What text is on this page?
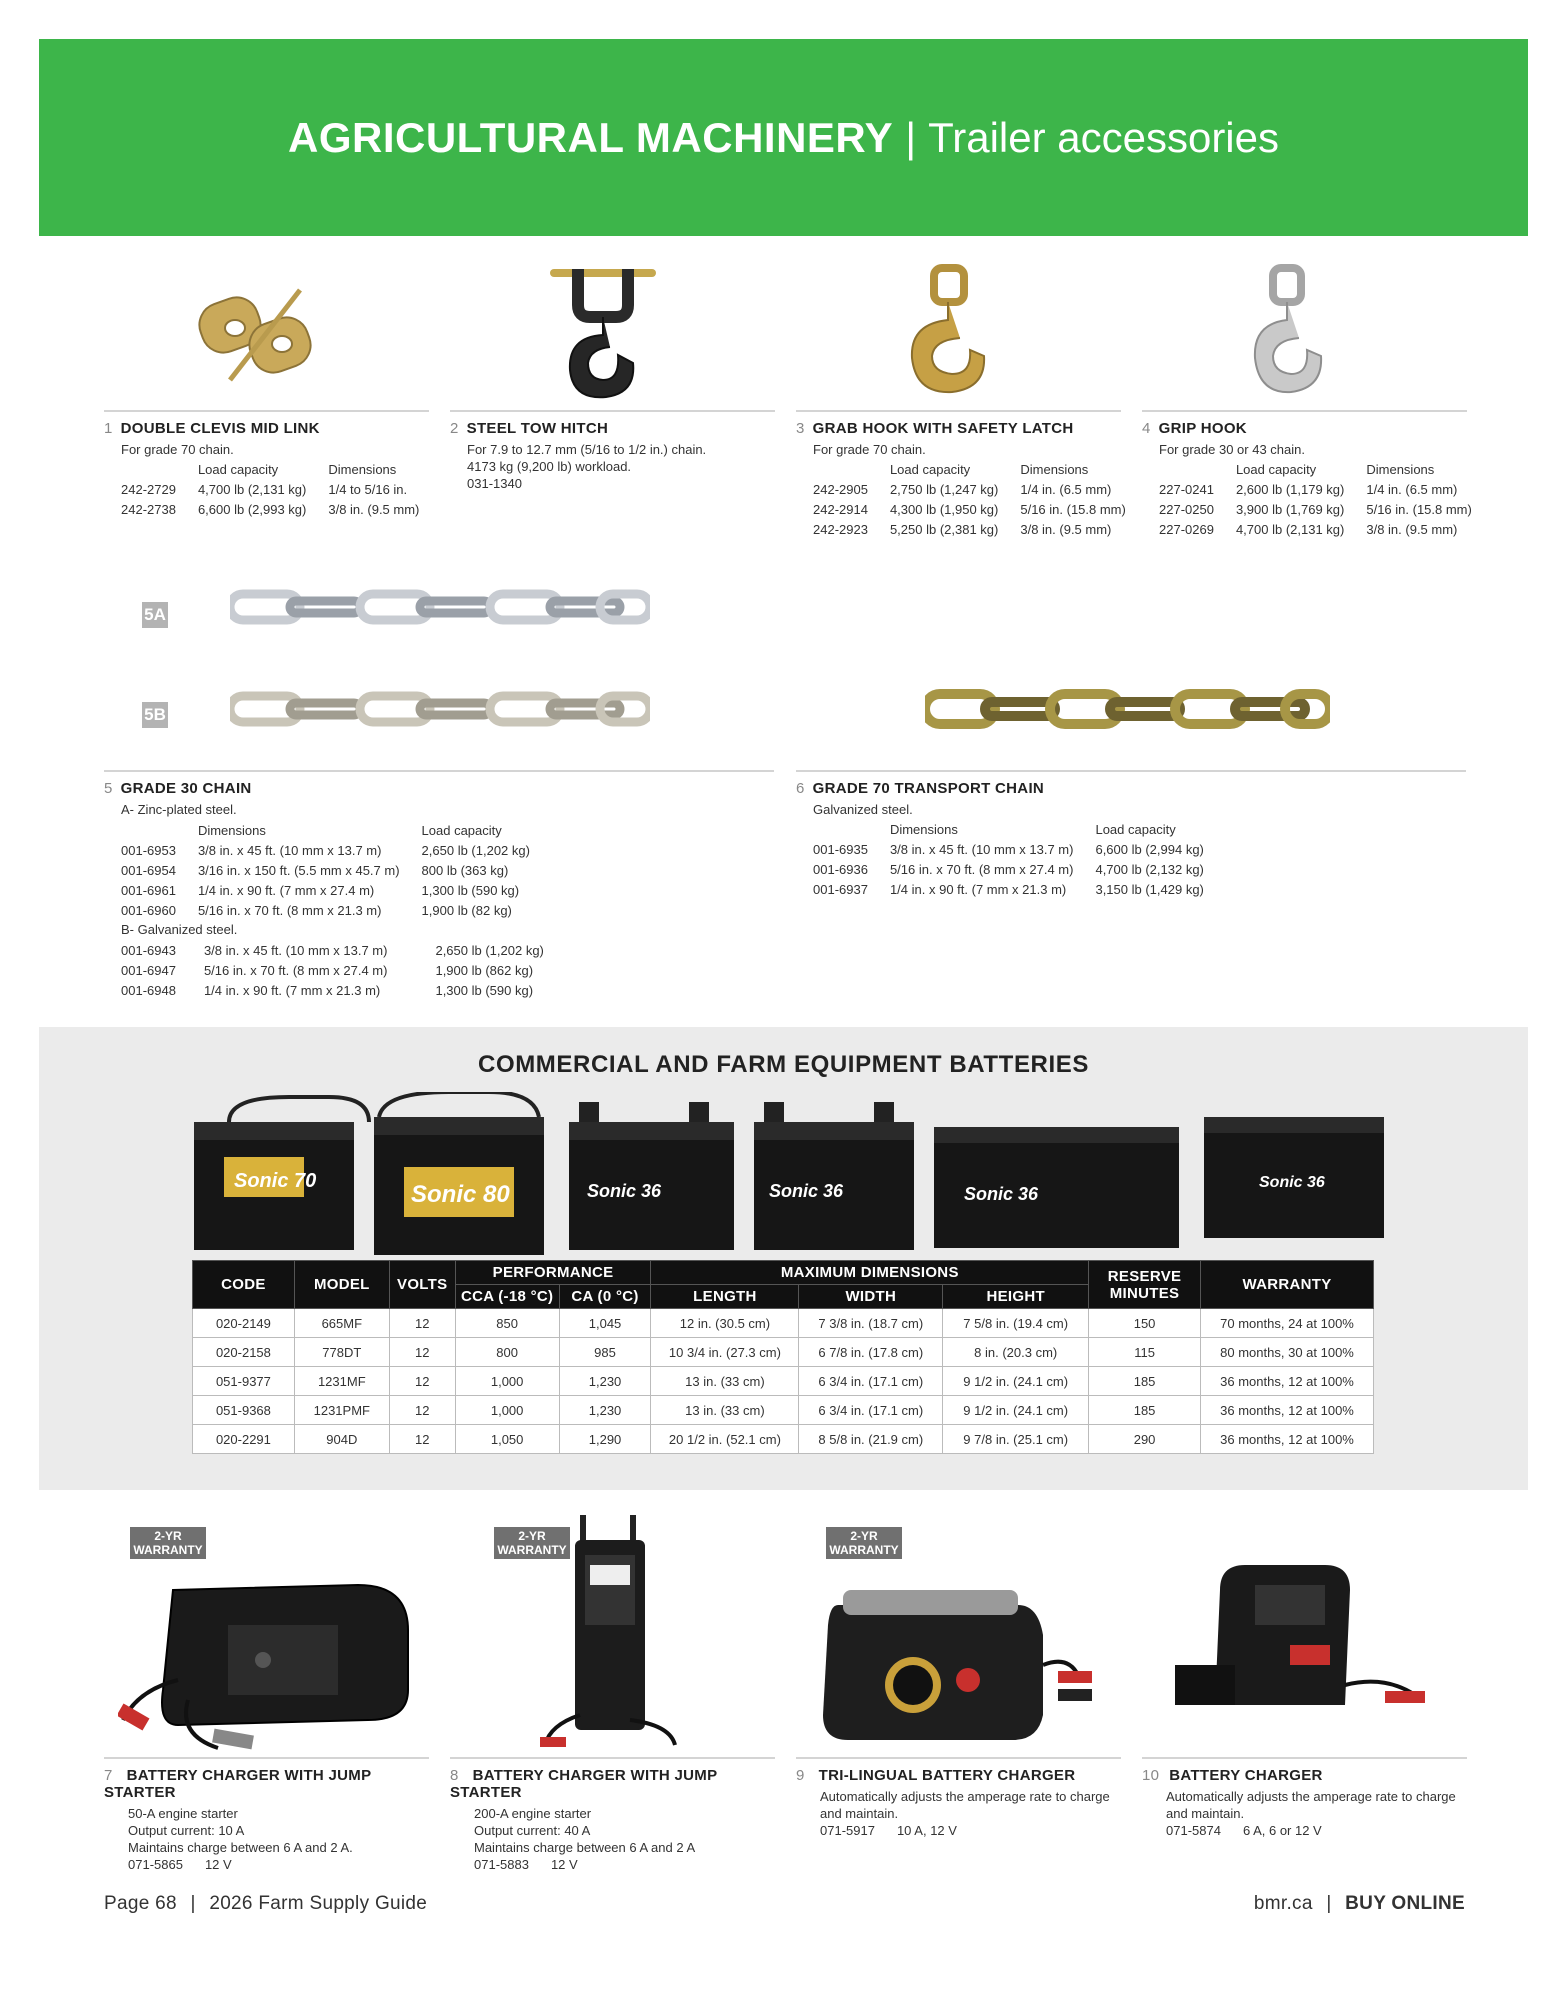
AGRICULTURAL MACHINERY | Trailer accessories
1 DOUBLE CLEVIS MID LINK
For grade 70 chain.
	Load capacity	Dimensions
242-2729	4,700 lb (2,131 kg)	1/4 to 5/16 in.
242-2738	6,600 lb (2,993 kg)	3/8 in. (9.5 mm)
2 STEEL TOW HITCH
For 7.9 to 12.7 mm (5/16 to 1/2 in.) chain.
4173 kg (9,200 lb) workload.
031-1340
3 GRAB HOOK WITH SAFETY LATCH
For grade 70 chain.
	Load capacity	Dimensions
242-2905	2,750 lb (1,247 kg)	1/4 in. (6.5 mm)
242-2914	4,300 lb (1,950 kg)	5/16 in. (15.8 mm)
242-2923	5,250 lb (2,381 kg)	3/8 in. (9.5 mm)
4 GRIP HOOK
For grade 30 or 43 chain.
	Load capacity	Dimensions
227-0241	2,600 lb (1,179 kg)	1/4 in. (6.5 mm)
227-0250	3,900 lb (1,769 kg)	5/16 in. (15.8 mm)
227-0269	4,700 lb (2,131 kg)	3/8 in. (9.5 mm)
5A
5B
5 GRADE 30 CHAIN
A- Zinc-plated steel.
	Dimensions	Load capacity
001-6953	3/8 in. x 45 ft. (10 mm x 13.7 m)	2,650 lb (1,202 kg)
001-6954	3/16 in. x 150 ft. (5.5 mm x 45.7 m)	800 lb (363 kg)
001-6961	1/4 in. x 90 ft. (7 mm x 27.4 m)	1,300 lb (590 kg)
001-6960	5/16 in. x 70 ft. (8 mm x 21.3 m)	1,900 lb (82 kg)
B- Galvanized steel.
001-6943	3/8 in. x 45 ft. (10 mm x 13.7 m)	2,650 lb (1,202 kg)
001-6947	5/16 in. x 70 ft. (8 mm x 27.4 m)	1,900 lb (862 kg)
001-6948	1/4 in. x 90 ft. (7 mm x 21.3 m)	1,300 lb (590 kg)
6 GRADE 70 TRANSPORT CHAIN
Galvanized steel.
	Dimensions	Load capacity
001-6935	3/8 in. x 45 ft. (10 mm x 13.7 m)	6,600 lb (2,994 kg)
001-6936	5/16 in. x 70 ft. (8 mm x 27.4 m)	4,700 lb (2,132 kg)
001-6937	1/4 in. x 90 ft. (7 mm x 21.3 m)	3,150 lb (1,429 kg)
COMMERCIAL AND FARM EQUIPMENT BATTERIES
Sonic 70	Sonic 80	Sonic 36	Sonic 36	Sonic 36
Sonic 36
CODE	MODEL	VOLTS	PERFORMANCE		MAXIMUM DIMENSIONS			RESERVE MINUTES	WARRANTY
			CCA (-18 °C)	CA (0 °C)	LENGTH	WIDTH	HEIGHT		
020-2149	665MF	12	850	1,045	12 in. (30.5 cm)	7 3/8 in. (18.7 cm)	7 5/8 in. (19.4 cm)	150	70 months, 24 at 100%
020-2158	778DT	12	800	985	10 3/4 in. (27.3 cm)	6 7/8 in. (17.8 cm)	8 in. (20.3 cm)	115	80 months, 30 at 100%
051-9377	1231MF	12	1,000	1,230	13 in. (33 cm)	6 3/4 in. (17.1 cm)	9 1/2 in. (24.1 cm)	185	36 months, 12 at 100%
051-9368	1231PMF	12	1,000	1,230	13 in. (33 cm)	6 3/4 in. (17.1 cm)	9 1/2 in. (24.1 cm)	185	36 months, 12 at 100%
020-2291	904D	12	1,050	1,290	20 1/2 in. (52.1 cm)	8 5/8 in. (21.9 cm)	9 7/8 in. (25.1 cm)	290	36 months, 12 at 100%
2-YR
WARRANTY
2-YR
WARRANTY
2-YR
WARRANTY
7 BATTERY CHARGER WITH JUMP STARTER
50-A engine starter
Output current: 10 A
Maintains charge between 6 A and 2 A.
071-5865 12 V
8 BATTERY CHARGER WITH JUMP STARTER
200-A engine starter
Output current: 40 A
Maintains charge between 6 A and 2 A
071-5883 12 V
9 TRI-LINGUAL BATTERY CHARGER
Automatically adjusts the amperage rate to charge
and maintain.
071-5917 10 A, 12 V
10 BATTERY CHARGER
Automatically adjusts the amperage rate to charge
and maintain.
071-5874 6 A, 6 or 12 V
Page 68 | 2026 Farm Supply Guide	bmr.ca | BUY ONLINE
